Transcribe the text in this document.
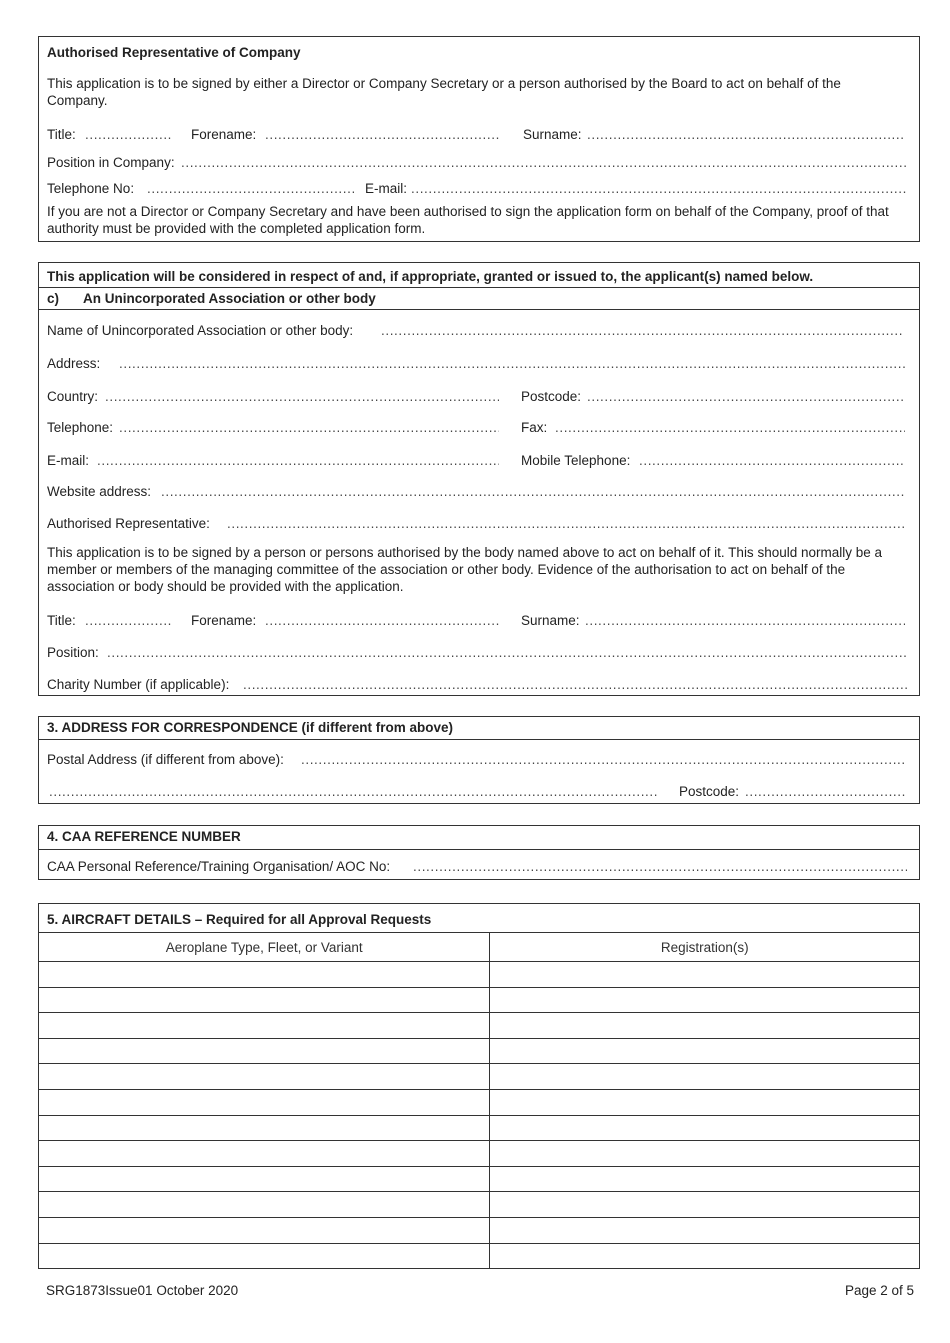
Authorised Representative of Company
This application is to be signed by either a Director or Company Secretary or a person authorised by the Board to act on behalf of the Company.
Title: .....	Forename: .....	Surname:
.....
Position in Company:
.....
Telephone No: .....	E-mail:
.....
If you are not a Director or Company Secretary and have been authorised to sign the application form on behalf of the Company, proof of that authority must be provided with the completed application form.
This application will be considered in respect of and, if appropriate, granted or issued to, the applicant(s) named below.
c) An Unincorporated Association or other body
Name of Unincorporated Association or other body:
.....
Address:
.....
Country: .....	Postcode:
.....
Telephone: .....	Fax:
.....
E-mail: .....	Mobile Telephone:
.....
Website address:
.....
Authorised Representative:
.....
This application is to be signed by a person or persons authorised by the body named above to act on behalf of it. This should normally be a member or members of the managing committee of the association or other body. Evidence of the authorisation to act on behalf of the association or body should be provided with the application.
Title: .....	Forename: .....	Surname:
.....
Position:
.....
Charity Number (if applicable):
.....
3. ADDRESS FOR CORRESPONDENCE (if different from above)
Postal Address (if different from above):
.....
.....
Postcode:
.....
4. CAA REFERENCE NUMBER
CAA Personal Reference/Training Organisation/ AOC No:
.....
5. AIRCRAFT DETAILS – Required for all Approval Requests
Aeroplane Type, Fleet, or Variant	Registration(s)

SRG1873Issue01 October 2020	Page 2 of 5
